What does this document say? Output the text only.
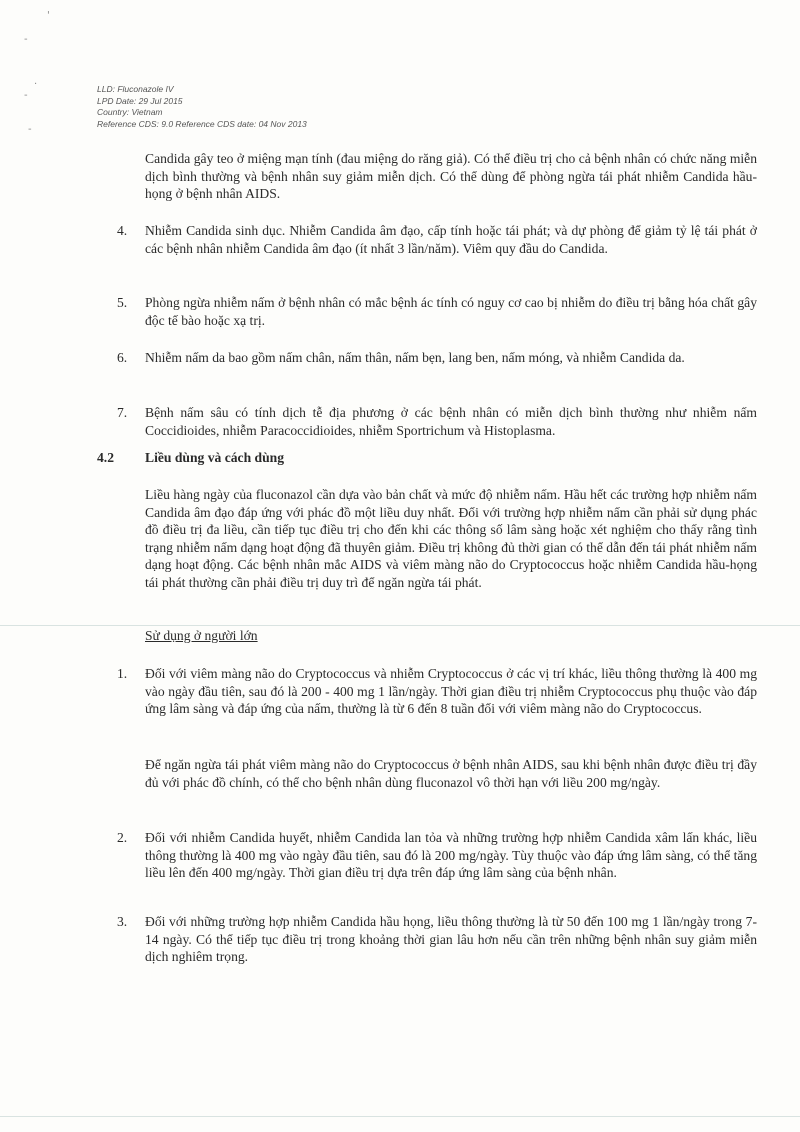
'
-
.
-
-
LLD: Fluconazole IV
LPD Date: 29 Jul 2015
Country: Vietnam
Reference CDS: 9.0 Reference CDS date: 04 Nov 2013
Candida gây teo ở miệng mạn tính (đau miệng do răng giả). Có thể điều trị cho cả bệnh nhân có chức năng miễn dịch bình thường và bệnh nhân suy giảm miễn dịch. Có thể dùng để phòng ngừa tái phát nhiễm Candida hầu-họng ở bệnh nhân AIDS.
4.	Nhiễm Candida sinh dục. Nhiễm Candida âm đạo, cấp tính hoặc tái phát; và dự phòng để giảm tỷ lệ tái phát ở các bệnh nhân nhiễm Candida âm đạo (ít nhất 3 lần/năm). Viêm quy đầu do Candida.
5.	Phòng ngừa nhiễm nấm ở bệnh nhân có mắc bệnh ác tính có nguy cơ cao bị nhiễm do điều trị bằng hóa chất gây độc tế bào hoặc xạ trị.
6.	Nhiễm nấm da bao gồm nấm chân, nấm thân, nấm bẹn, lang ben, nấm móng, và nhiễm Candida da.
7.	Bệnh nấm sâu có tính dịch tễ địa phương ở các bệnh nhân có miễn dịch bình thường như nhiễm nấm Coccidioides, nhiễm Paracoccidioides, nhiễm Sportrichum và Histoplasma.
4.2 Liều dùng và cách dùng
Liều hàng ngày của fluconazol cần dựa vào bản chất và mức độ nhiễm nấm. Hầu hết các trường hợp nhiễm nấm Candida âm đạo đáp ứng với phác đồ một liều duy nhất. Đối với trường hợp nhiễm nấm cần phải sử dụng phác đồ điều trị đa liều, cần tiếp tục điều trị cho đến khi các thông số lâm sàng hoặc xét nghiệm cho thấy rằng tình trạng nhiễm nấm dạng hoạt động đã thuyên giảm. Điều trị không đủ thời gian có thể dẫn đến tái phát nhiễm nấm dạng hoạt động. Các bệnh nhân mắc AIDS và viêm màng não do Cryptococcus hoặc nhiễm Candida hầu-họng tái phát thường cần phải điều trị duy trì để ngăn ngừa tái phát.
Sử dụng ở người lớn
1.	Đối với viêm màng não do Cryptococcus và nhiễm Cryptococcus ở các vị trí khác, liều thông thường là 400 mg vào ngày đầu tiên, sau đó là 200 - 400 mg 1 lần/ngày. Thời gian điều trị nhiễm Cryptococcus phụ thuộc vào đáp ứng lâm sàng và đáp ứng của nấm, thường là từ 6 đến 8 tuần đối với viêm màng não do Cryptococcus.
Để ngăn ngừa tái phát viêm màng não do Cryptococcus ở bệnh nhân AIDS, sau khi bệnh nhân được điều trị đầy đủ với phác đồ chính, có thể cho bệnh nhân dùng fluconazol vô thời hạn với liều 200 mg/ngày.
2.	Đối với nhiễm Candida huyết, nhiễm Candida lan tỏa và những trường hợp nhiễm Candida xâm lấn khác, liều thông thường là 400 mg vào ngày đầu tiên, sau đó là 200 mg/ngày. Tùy thuộc vào đáp ứng lâm sàng, có thể tăng liều lên đến 400 mg/ngày. Thời gian điều trị dựa trên đáp ứng lâm sàng của bệnh nhân.
3.	Đối với những trường hợp nhiễm Candida hầu họng, liều thông thường là từ 50 đến 100 mg 1 lần/ngày trong 7-14 ngày. Có thể tiếp tục điều trị trong khoảng thời gian lâu hơn nếu cần trên những bệnh nhân suy giảm miễn dịch nghiêm trọng.
